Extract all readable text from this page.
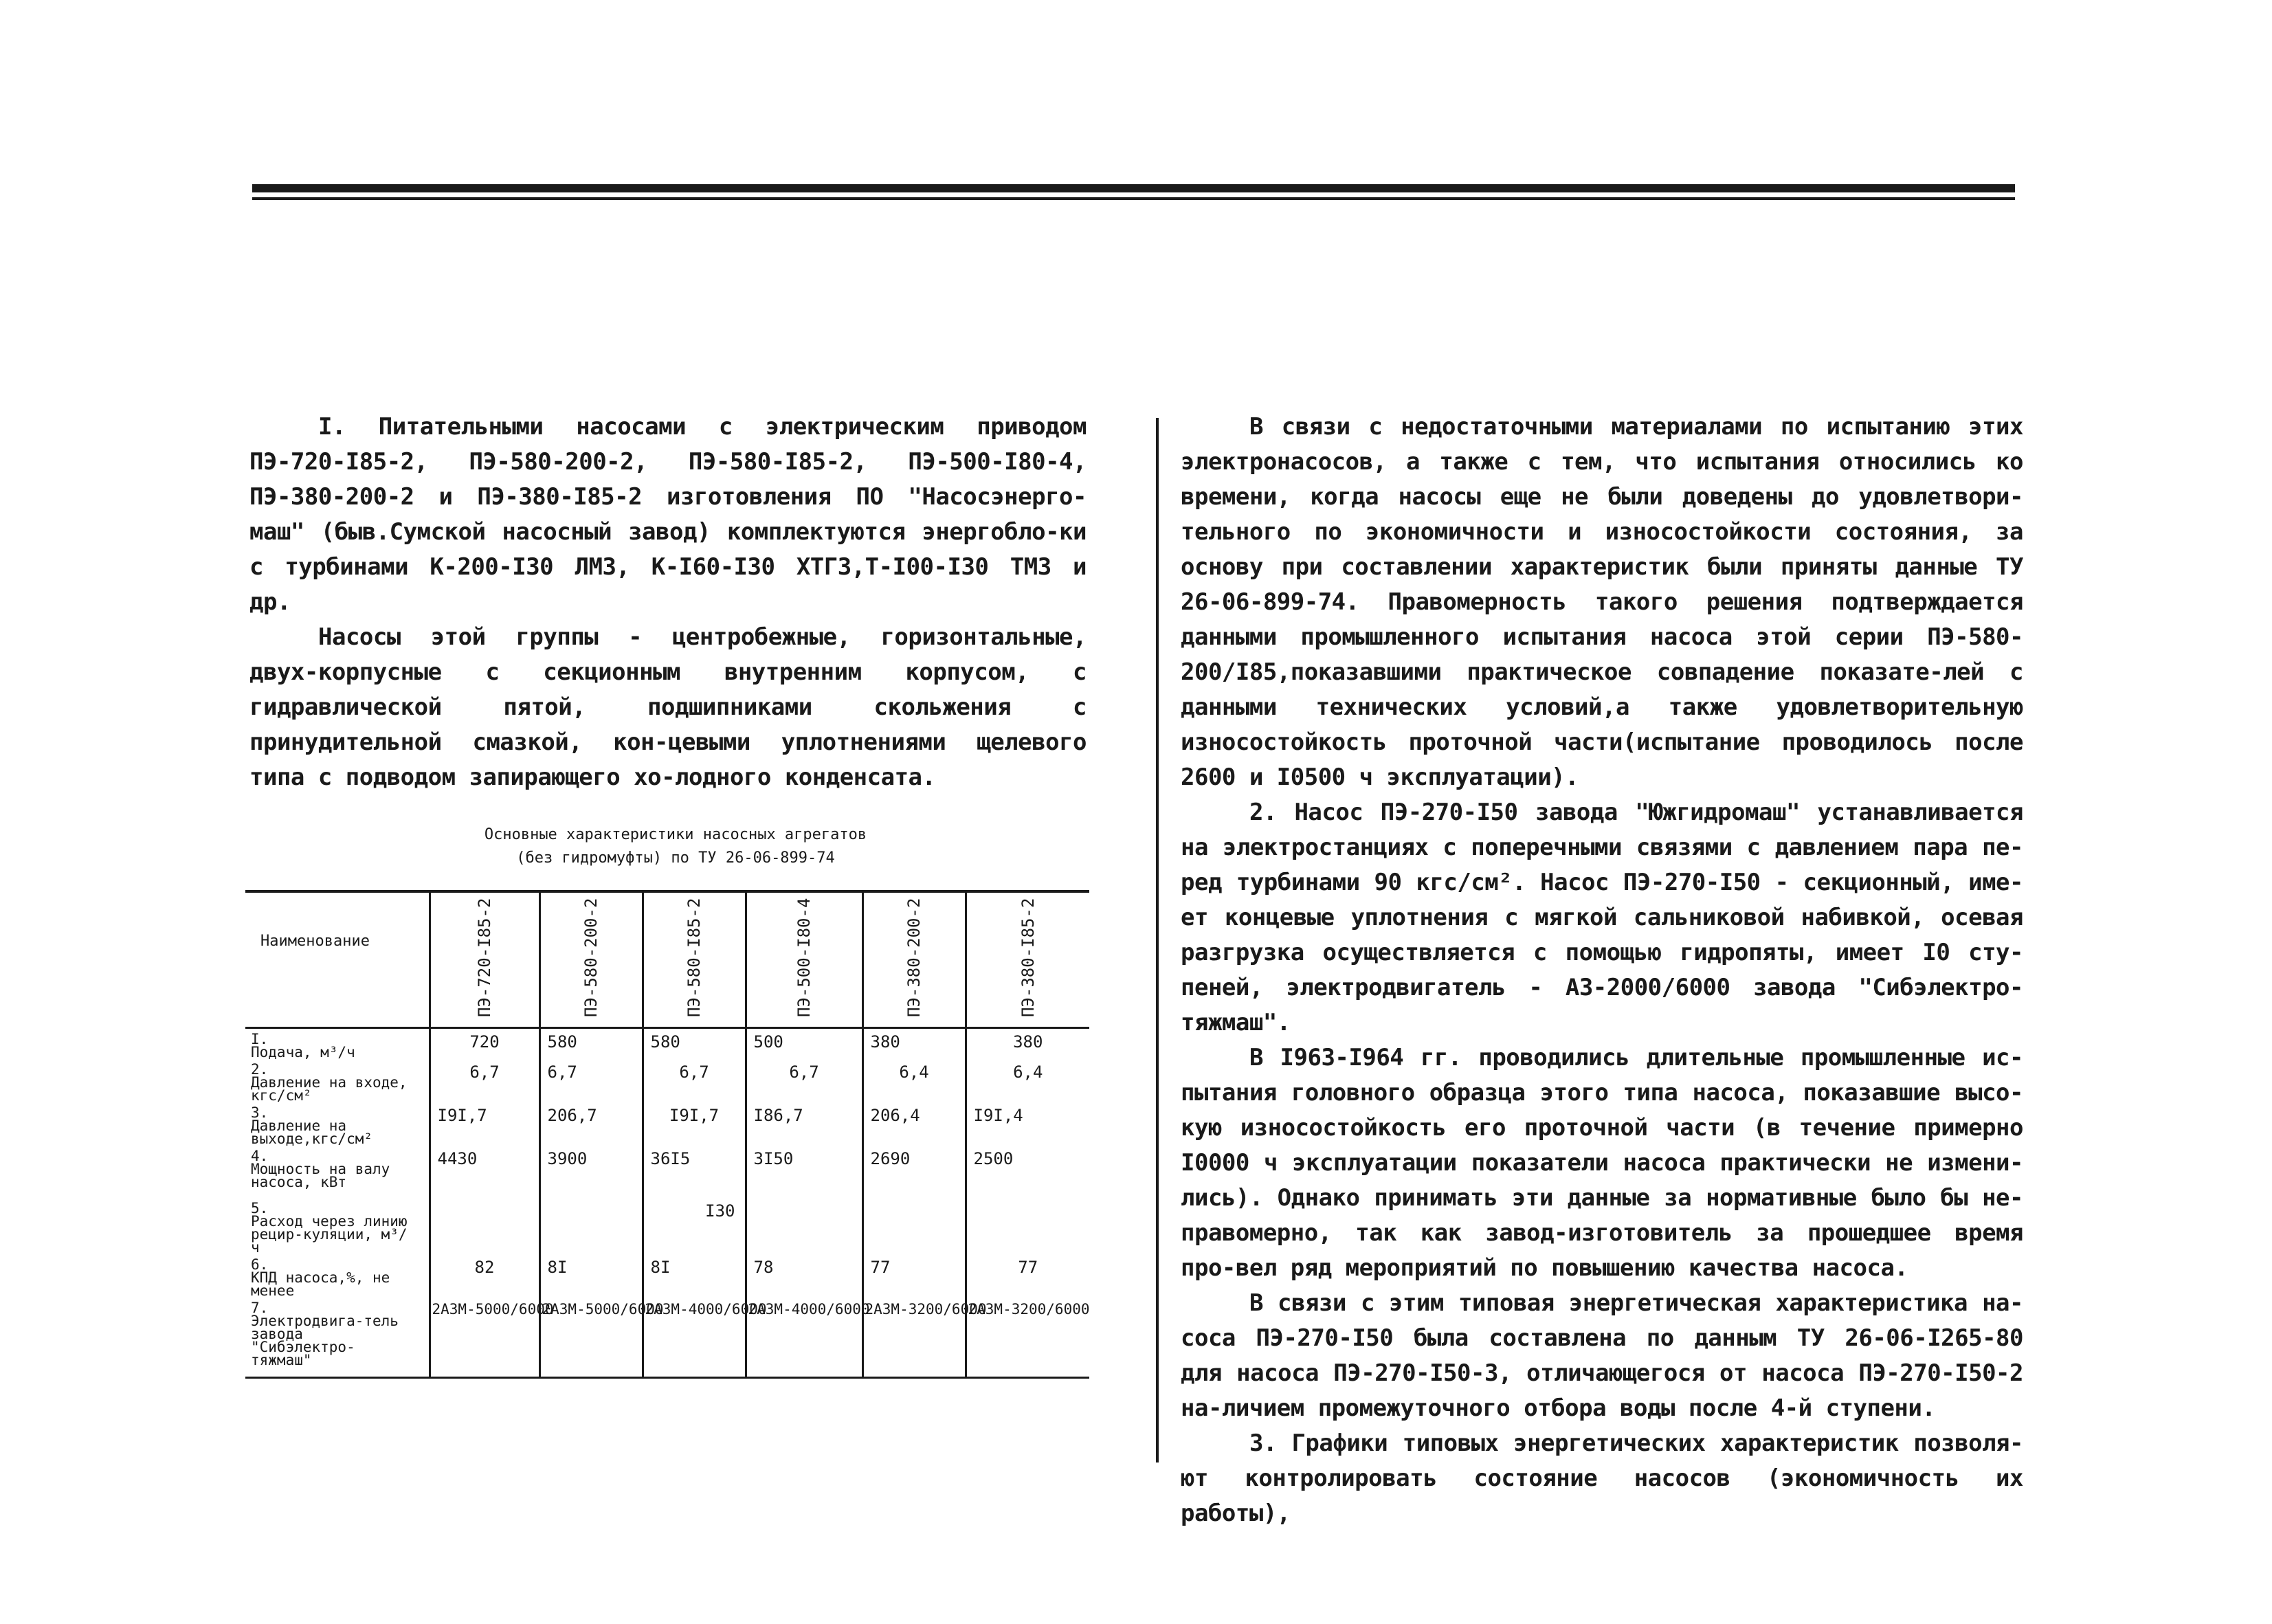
I. Питательными насосами с электрическим приводом ПЭ-720-I85-2, ПЭ-580-200-2, ПЭ-580-I85-2, ПЭ-500-I80-4, ПЭ-380-200-2 и ПЭ-380-I85-2 изготовления ПО "Насосэнерго-маш" (быв.Сумской насосный завод) комплектуются энергобло-ки с турбинами К-200-I30 ЛМЗ, К-I60-I30 ХТГЗ,Т-I00-I30 ТМЗ и др.

Насосы этой группы - центробежные, горизонтальные, двух-корпусные с секционным внутренним корпусом, с гидравлической пятой, подшипниками скольжения с принудительной смазкой, кон-цевыми уплотнениями щелевого типа с подводом запирающего хо-лодного конденсата.

Основные характеристики насосных агрегатов
(без гидромуфты) по ТУ 26-06-899-74
Наименование	ПЭ-720-I85-2	ПЭ-580-200-2	ПЭ-580-I85-2	ПЭ-500-I80-4	ПЭ-380-200-2	ПЭ-380-I85-2

I.Подача, м³/ч	720	580	580	500	380	380
2.Давление на входе, кгс/см²	6,7	6,7	6,7	6,7	6,4	6,4
3.Давление на выходе,кгс/см²	I9I,7	206,7	I9I,7	I86,7	206,4	I9I,4
4.Мощность на валу насоса, кВт	4430	3900	36I5	3I50	2690	2500
5.Расход через линию рецир-куляции, м³/ч			I30			
6.КПД насоса,%, не менее	82	8I	8I	78	77	77
7.Электродвига-тель завода "Сибэлектро-тяжмаш"	2АЗМ-5000/6000	2АЗМ-5000/6000	2АЗМ-4000/6000	2АЗМ-4000/6000	2АЗМ-3200/6000	2АЗМ-3200/6000

В связи с недостаточными материалами по испытанию этих электронасосов, а также с тем, что испытания относились ко времени, когда насосы еще не были доведены до удовлетвори-тельного по экономичности и износостойкости состояния, за основу при составлении характеристик были приняты данные ТУ 26-06-899-74. Правомерность такого решения подтверждается данными промышленного испытания насоса этой серии ПЭ-580-200/I85,показавшими практическое совпадение показате-лей с данными технических условий,а также удовлетворительную износостойкость проточной части(испытание проводилось после 2600 и I0500 ч эксплуатации).

2. Насос ПЭ-270-I50 завода "Южгидромаш" устанавливается на электростанциях с поперечными связями с давлением пара пе-ред турбинами 90 кгс/см². Насос ПЭ-270-I50 - секционный, име-ет концевые уплотнения с мягкой сальниковой набивкой, осевая разгрузка осуществляется с помощью гидропяты, имеет I0 сту-пеней, электродвигатель - АЗ-2000/6000 завода "Сибэлектро-тяжмаш".

В I963-I964 гг. проводились длительные промышленные ис-пытания головного образца этого типа насоса, показавшие высо-кую износостойкость его проточной части (в течение примерно I0000 ч эксплуатации показатели насоса практически не измени-лись). Однако принимать эти данные за нормативные было бы не-правомерно, так как завод-изготовитель за прошедшее время про-вел ряд мероприятий по повышению качества насоса.

В связи с этим типовая энергетическая характеристика на-соса ПЭ-270-I50 была составлена по данным ТУ 26-06-I265-80 для насоса ПЭ-270-I50-3, отличающегося от насоса ПЭ-270-I50-2 на-личием промежуточного отбора воды после 4-й ступени.

3. Графики типовых энергетических характеристик позволя-ют контролировать состояние насосов (экономичность их работы),
